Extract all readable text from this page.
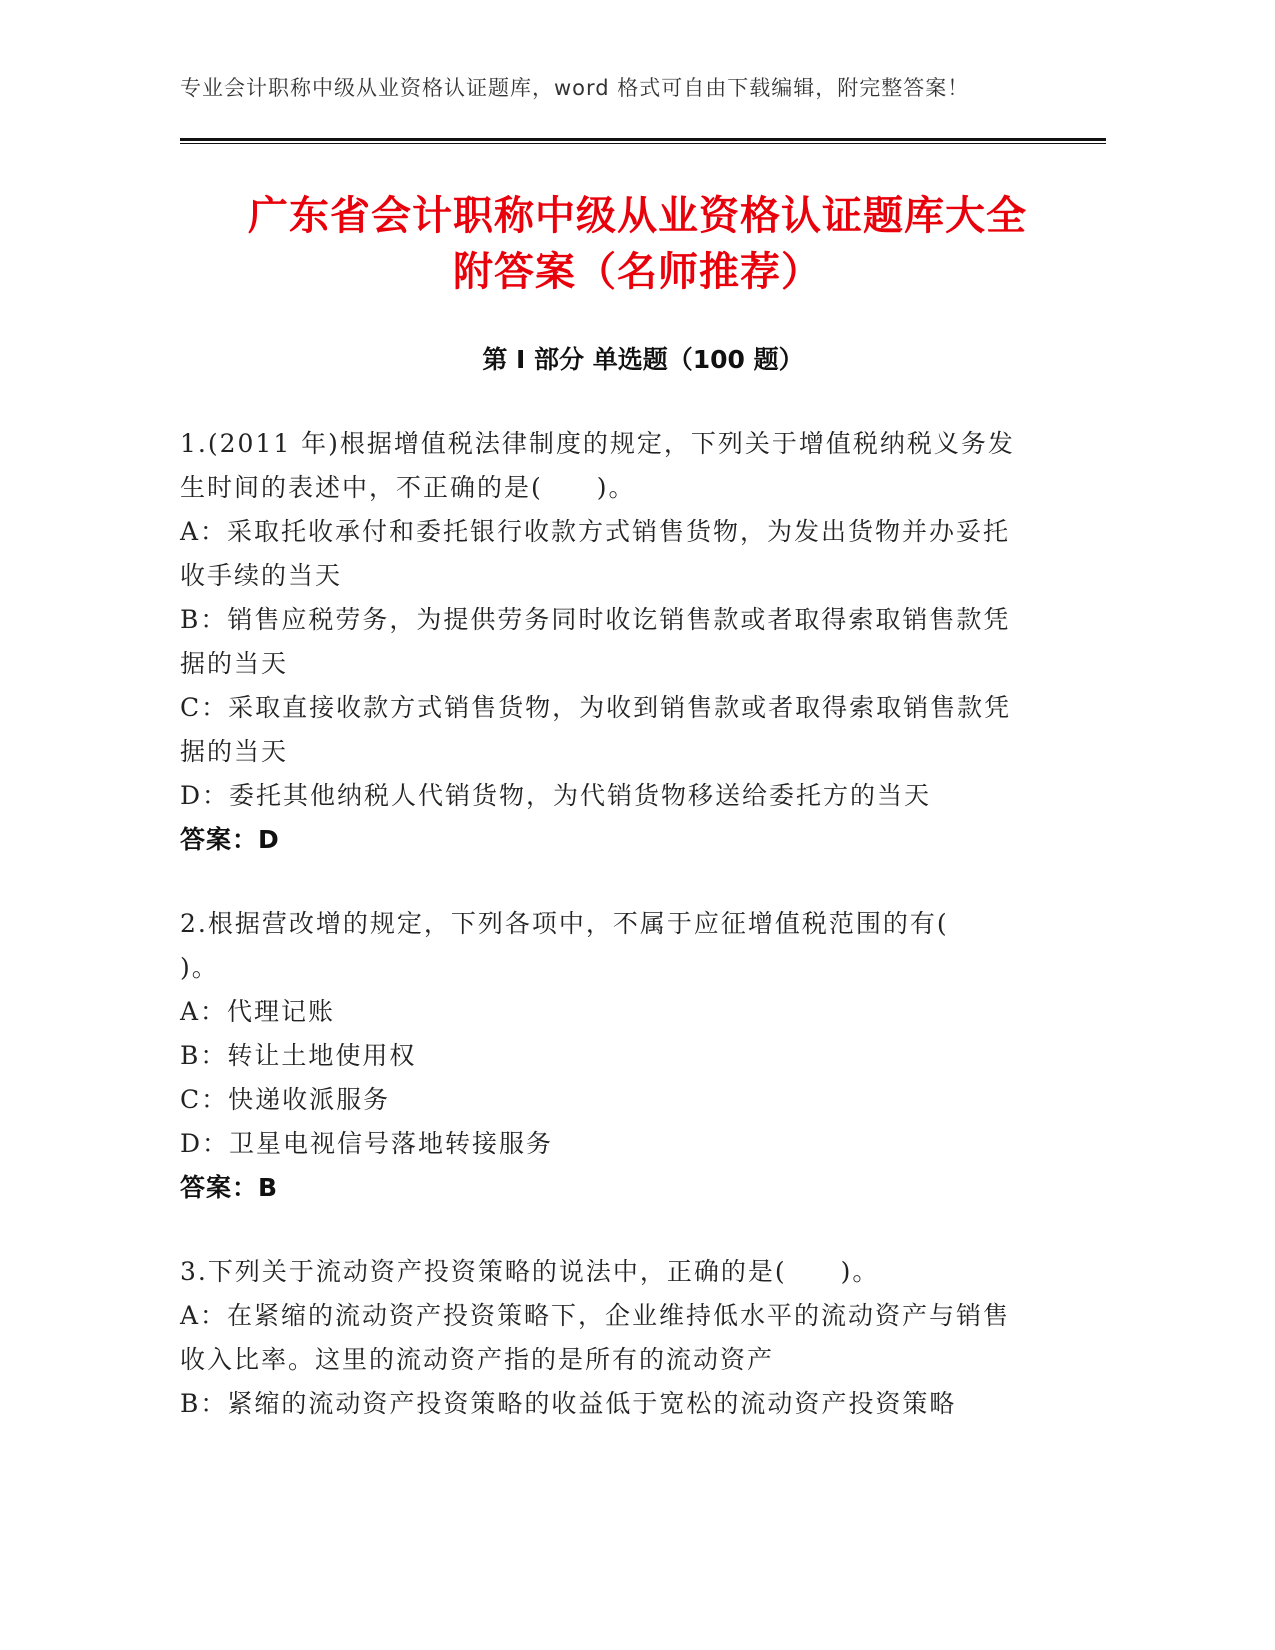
专业会计职称中级从业资格认证题库，word 格式可自由下载编辑，附完整答案！
广东省会计职称中级从业资格认证题库大全
附答案（名师推荐）
第 I 部分 单选题（100 题）
1.(2011 年)根据增值税法律制度的规定，下列关于增值税纳税义务发
生时间的表述中，不正确的是(　　)。
A：采取托收承付和委托银行收款方式销售货物，为发出货物并办妥托
收手续的当天
B：销售应税劳务，为提供劳务同时收讫销售款或者取得索取销售款凭
据的当天
C：采取直接收款方式销售货物，为收到销售款或者取得索取销售款凭
据的当天
D：委托其他纳税人代销货物，为代销货物移送给委托方的当天
答案：D
2.根据营改增的规定，下列各项中，不属于应征增值税范围的有(
)。
A：代理记账
B：转让土地使用权
C：快递收派服务
D：卫星电视信号落地转接服务
答案：B
3.下列关于流动资产投资策略的说法中，正确的是(　　)。
A：在紧缩的流动资产投资策略下，企业维持低水平的流动资产与销售
收入比率。这里的流动资产指的是所有的流动资产
B：紧缩的流动资产投资策略的收益低于宽松的流动资产投资策略
